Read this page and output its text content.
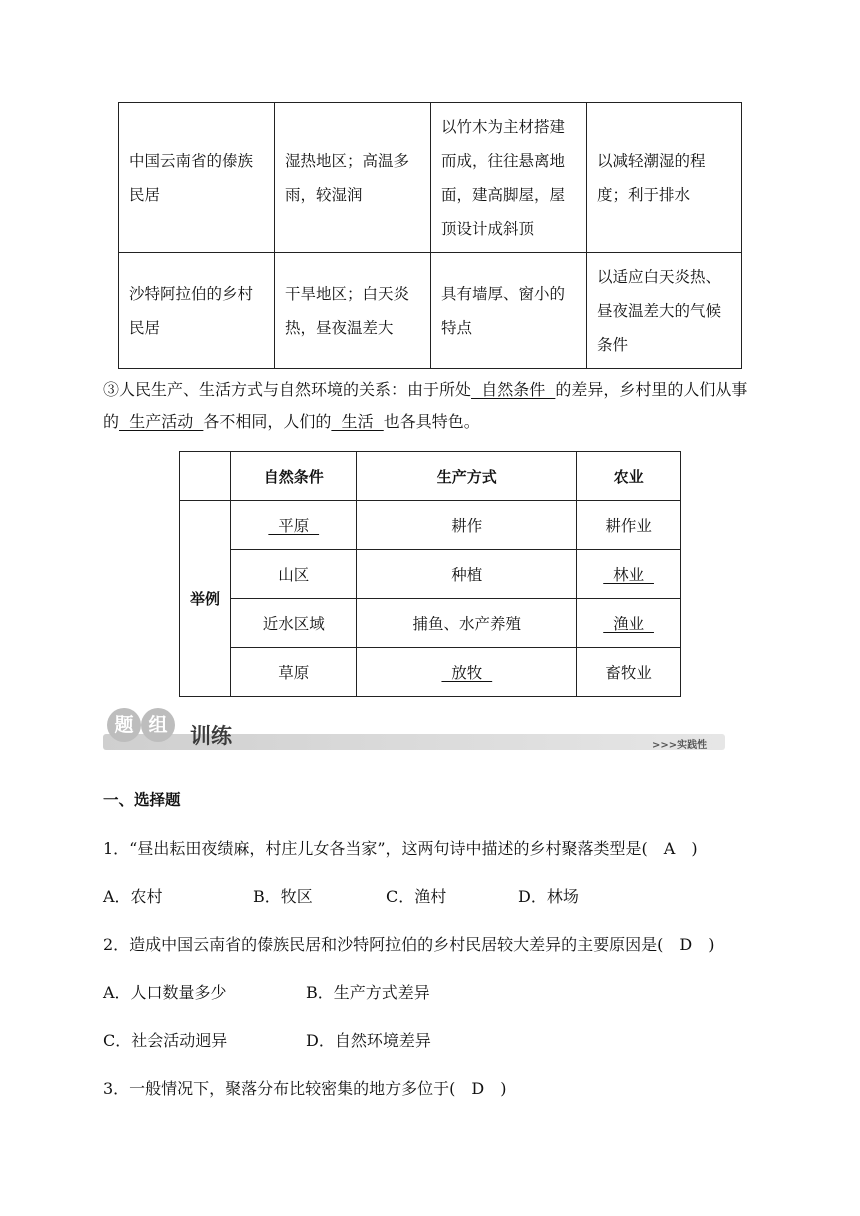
中国云南省的傣族民居	湿热地区；高温多雨，较湿润	以竹木为主材搭建而成，往往悬离地面，建高脚屋，屋顶设计成斜顶	以减轻潮湿的程度；利于排水
沙特阿拉伯的乡村民居	干旱地区；白天炎热，昼夜温差大	具有墙厚、窗小的特点	以适应白天炎热、昼夜温差大的气候条件
③人民生产、生活方式与自然环境的关系：由于所处  自然条件  的差异，乡村里的人们从事的  生产活动  各不相同，人们的  生活  也各具特色。
	自然条件	生产方式	农业
举例	平原	耕作	耕作业
	山区	种植	林业
	近水区域	捕鱼、水产养殖	渔业
	草原	放牧	畜牧业
题 组	训练	>>>实践性
一、选择题
1．“昼出耘田夜绩麻，村庄儿女各当家”，这两句诗中描述的乡村聚落类型是(　A　)
A．农村	B．牧区	C．渔村	D．林场
2．造成中国云南省的傣族民居和沙特阿拉伯的乡村民居较大差异的主要原因是(　D　)
A．人口数量多少	B．生产方式差异
C．社会活动迥异	D．自然环境差异
3．一般情况下，聚落分布比较密集的地方多位于(　D　)
